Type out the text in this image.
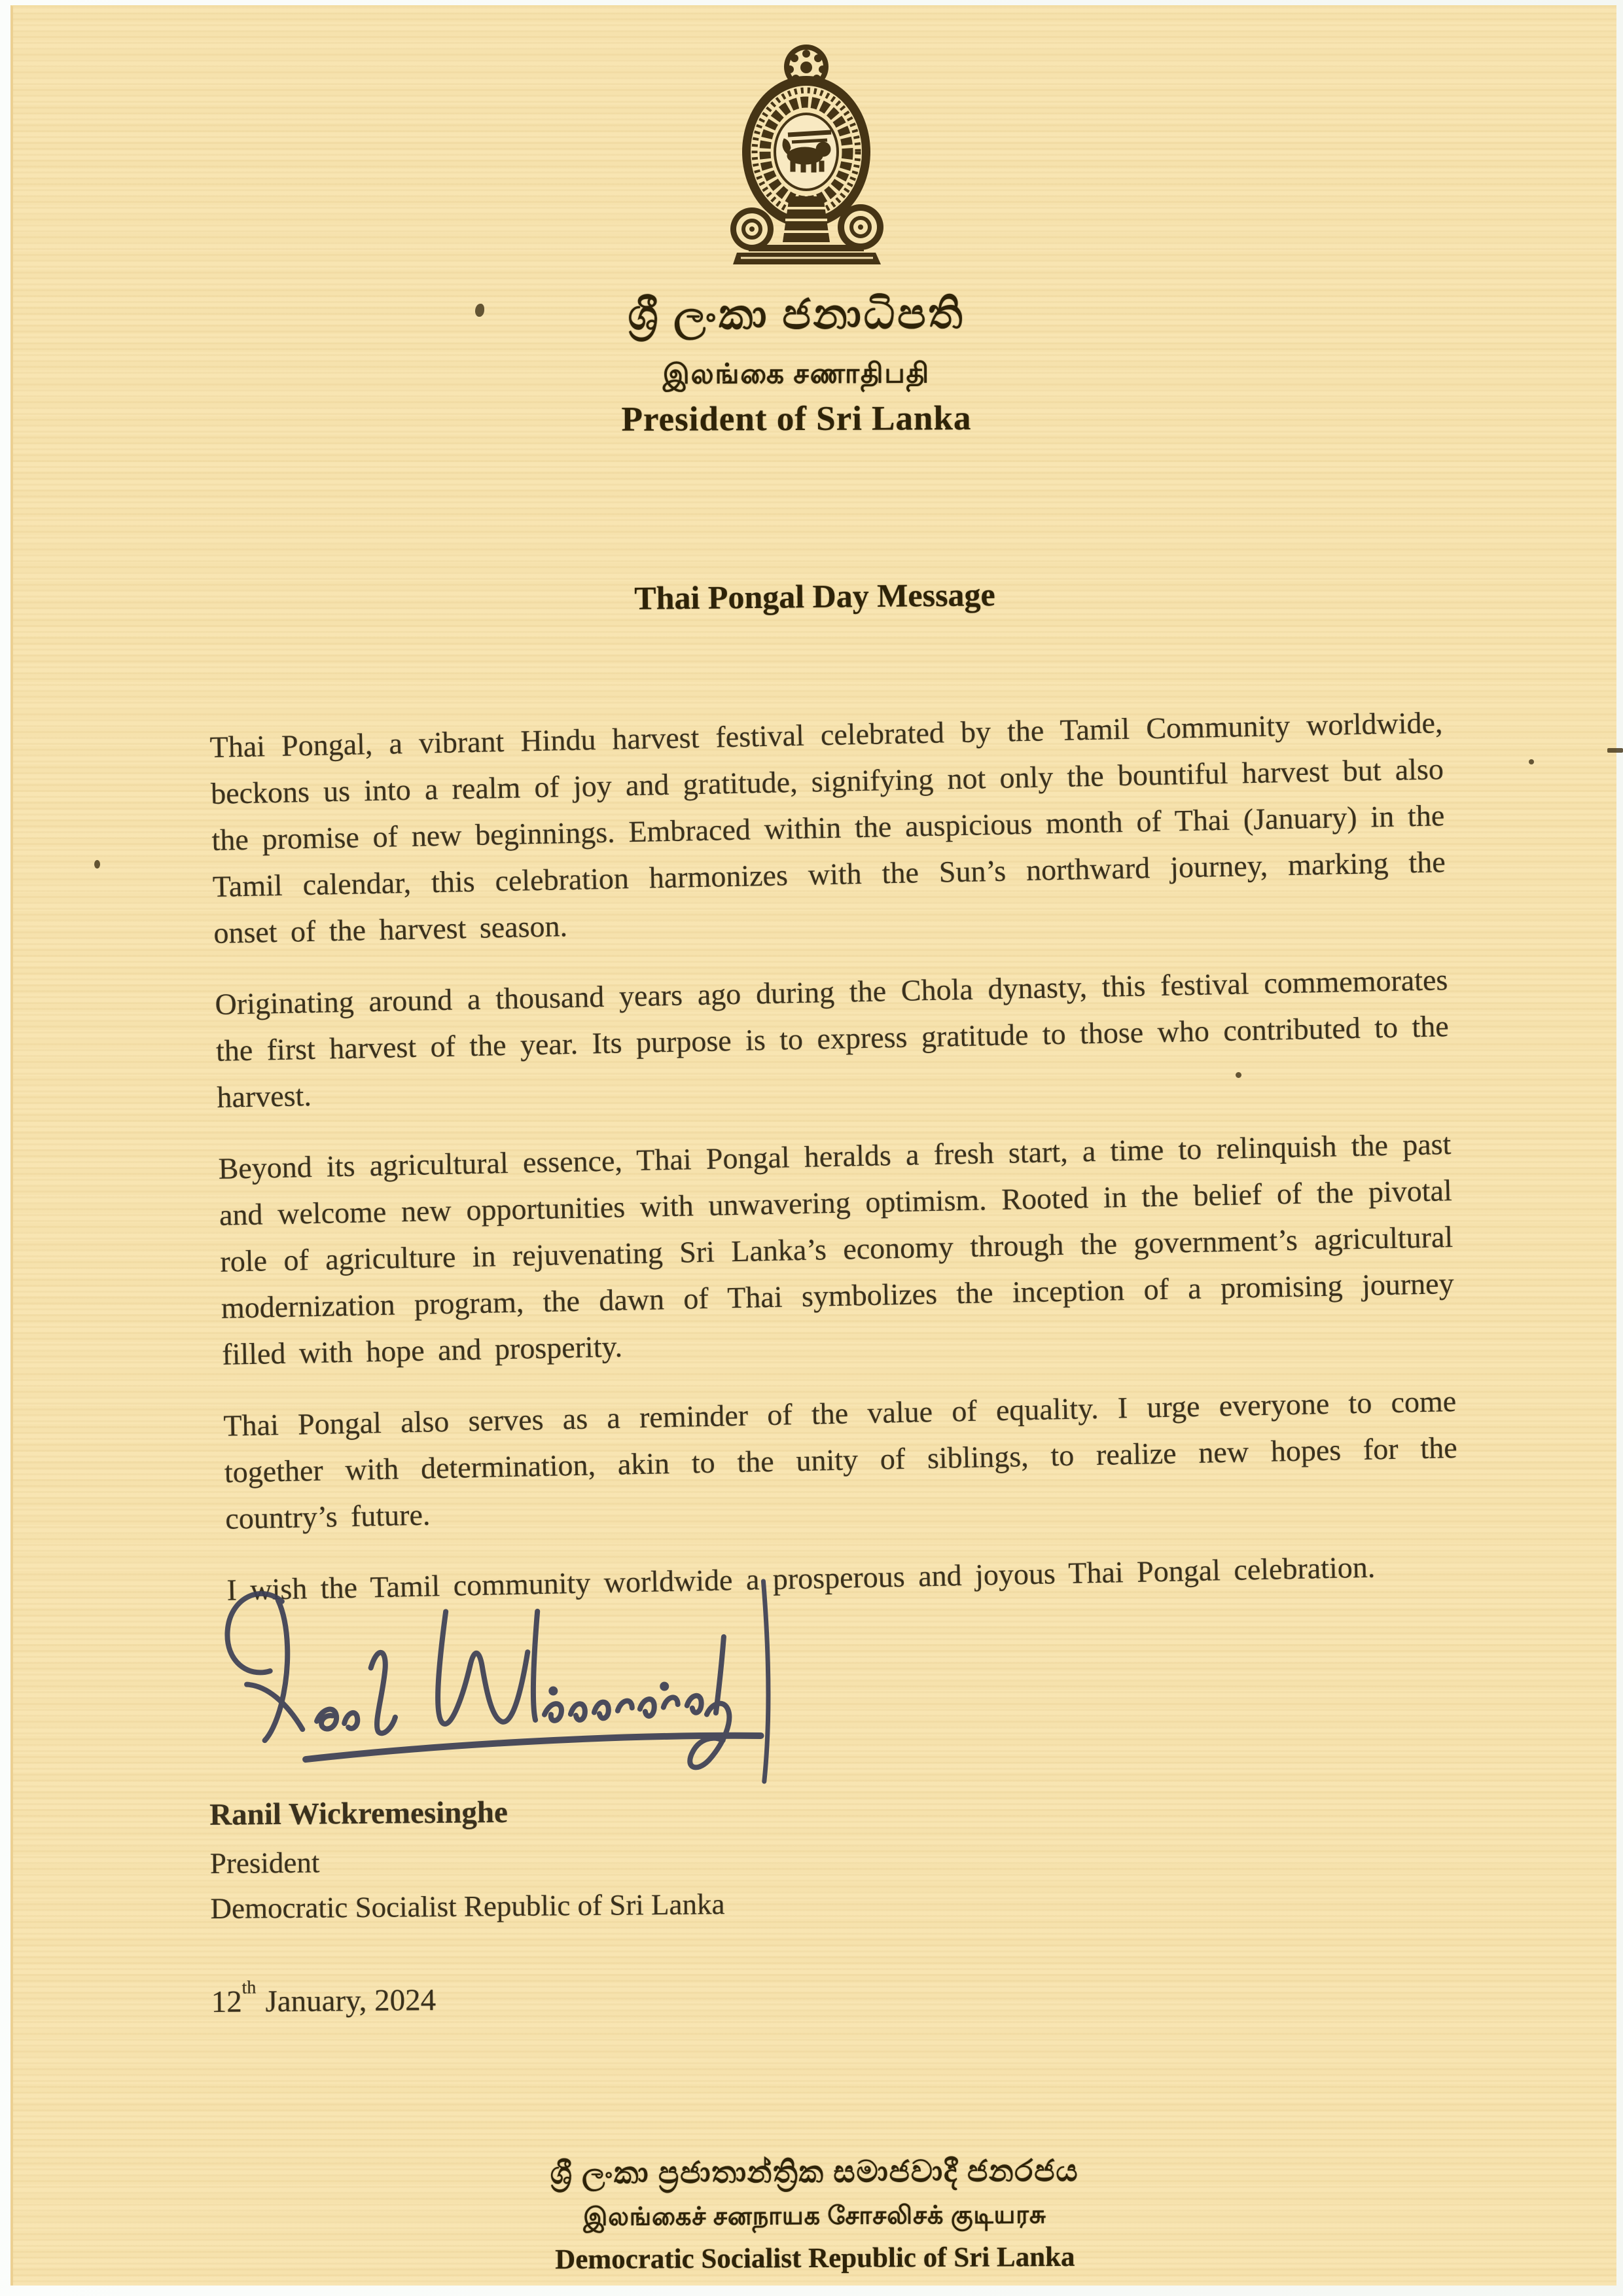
ශ්‍රී ලංකා ජනාධිපති
இலங்கை சணாதிபதி
President of Sri Lanka
Thai Pongal Day Message

Thai Pongal, a vibrant Hindu harvest festival celebrated by the Tamil Community worldwide, beckons us into a realm of joy and gratitude, signifying not only the bountiful harvest but also the promise of new beginnings. Embraced within the auspicious month of Thai (January) in the Tamil calendar, this celebration harmonizes with the Sun’s northward journey, marking the onset of the harvest season.

Originating around a thousand years ago during the Chola dynasty, this festival commemorates the first harvest of the year. Its purpose is to express gratitude to those who contributed to the harvest.

Beyond its agricultural essence, Thai Pongal heralds a fresh start, a time to relinquish the past and welcome new opportunities with unwavering optimism. Rooted in the belief of the pivotal role of agriculture in rejuvenating Sri Lanka’s economy through the government’s agricultural modernization program, the dawn of Thai symbolizes the inception of a promising journey filled with hope and prosperity.

Thai Pongal also serves as a reminder of the value of equality. I urge everyone to come together with determination, akin to the unity of siblings, to realize new hopes for the country’s future.

I wish the Tamil community worldwide a prosperous and joyous Thai Pongal celebration.

Ranil Wickremesinghe
President
Democratic Socialist Republic of Sri Lanka
12th January, 2024
ශ්‍රී ලංකා ප්‍රජාතාන්ත්‍රික සමාජවාදී ජනරජය
இலங்கைச் சனநாயக சோசலிசக் குடியரசு
Democratic Socialist Republic of Sri Lanka
